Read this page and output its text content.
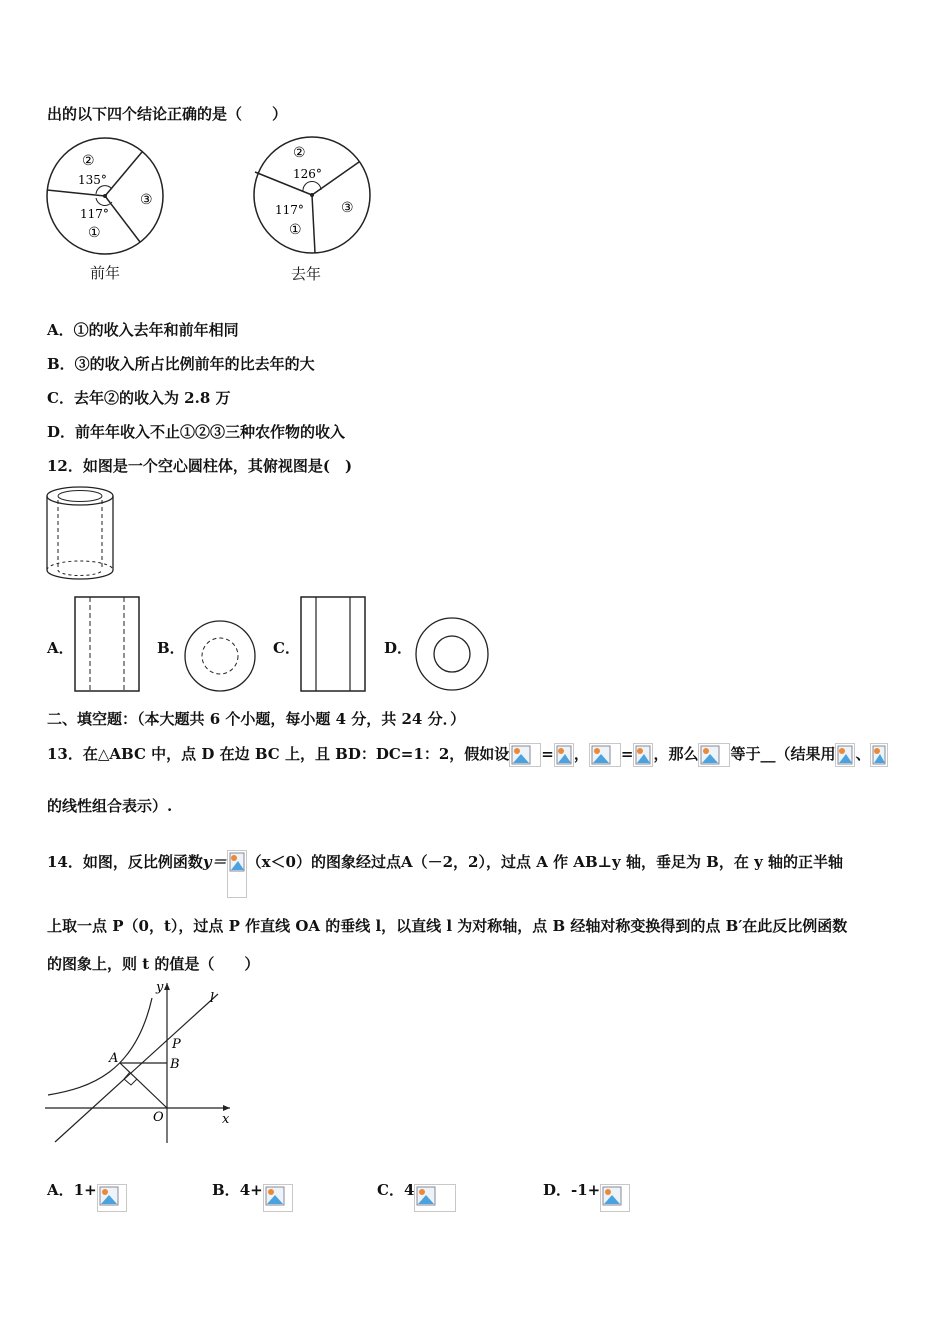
出的以下四个结论正确的是（　　）
②
③
①
135°
117°
前年
②
③
①
126°
117°
去年
A．①的收入去年和前年相同
B．③的收入所占比例前年的比去年的大
C．去年②的收入为 2.8 万
D．前年年收入不止①②③三种农作物的收入
12．如图是一个空心圆柱体，其俯视图是(　)
A．	B．	C．	D．
二、填空题：（本大题共 6 个小题，每小题 4 分，共 24 分．）
13．在△ABC 中，点 D 在边 BC 上，且 BD：DC=1：2，假如设 = ， = ，那么 等于__（结果用 、
的线性组合表示）.
14．如图，反比例函数y＝ （x＜0）的图象经过点A（－2，2），过点 A 作 AB⊥y 轴，垂足为 B，在 y 轴的正半轴
上取一点 P（0，t），过点 P 作直线 OA 的垂线 l，以直线 l 为对称轴，点 B 经轴对称变换得到的点 B′在此反比例函数
的图象上，则 t 的值是（　　）
y
x
l
A	B
P
O
A．1+	B．4+	C．4	D．-1+
